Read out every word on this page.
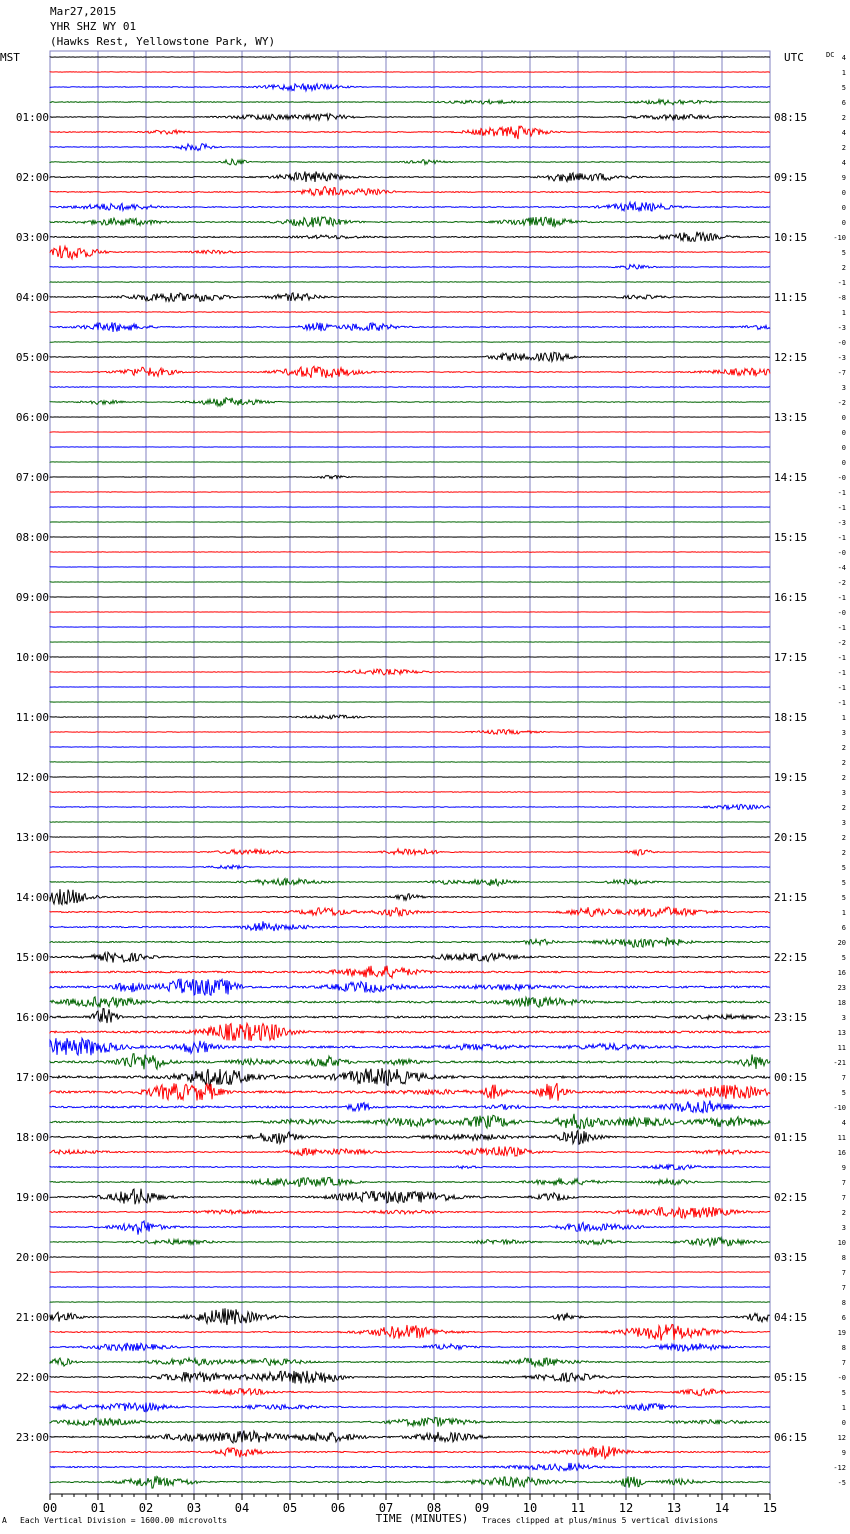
Mar27,2015
YHR SHZ WY 01
(Hawks Rest, Yellowstone Park, WY)
MST	UTC	DC
01:00
02:00
03:00
04:00
05:00
06:00
07:00
08:00
09:00
10:00
11:00
12:00
13:00
14:00
15:00
16:00
17:00
18:00
19:00
20:00
21:00
22:00
23:00
08:15
09:15
10:15
11:15
12:15
13:15
14:15
15:15
16:15
17:15
18:15
19:15
20:15
21:15
22:15
23:15
00:15
01:15
02:15
03:15
04:15
05:15
06:15
4
1
5
6
2
4
2
4
9
0
0
0
-10
5
2
-1
-8
1
-3
-0
-3
-7
3
-2
0
0
0
0
-0
-1
-1
-3
-1
-0
-4
-2
-1
-0
-1
-2
-1
-1
-1
-1
1
3
2
2
2
3
2
3
2
2
5
5
5
1
6
20
5
16
23
18
3
13
11
-21
7
5
-10
4
11
16
9
7
7
2
3
10
8
7
7
8
6
19
8
7
-0
5
1
0
12
9
-12
-5
00	01	02	03	04	05	06	07	08	09	10	11	12	13	14	15
TIME (MINUTES)
A Each Vertical Division = 1600.00 microvolts	Traces clipped at plus/minus 5 vertical divisions
